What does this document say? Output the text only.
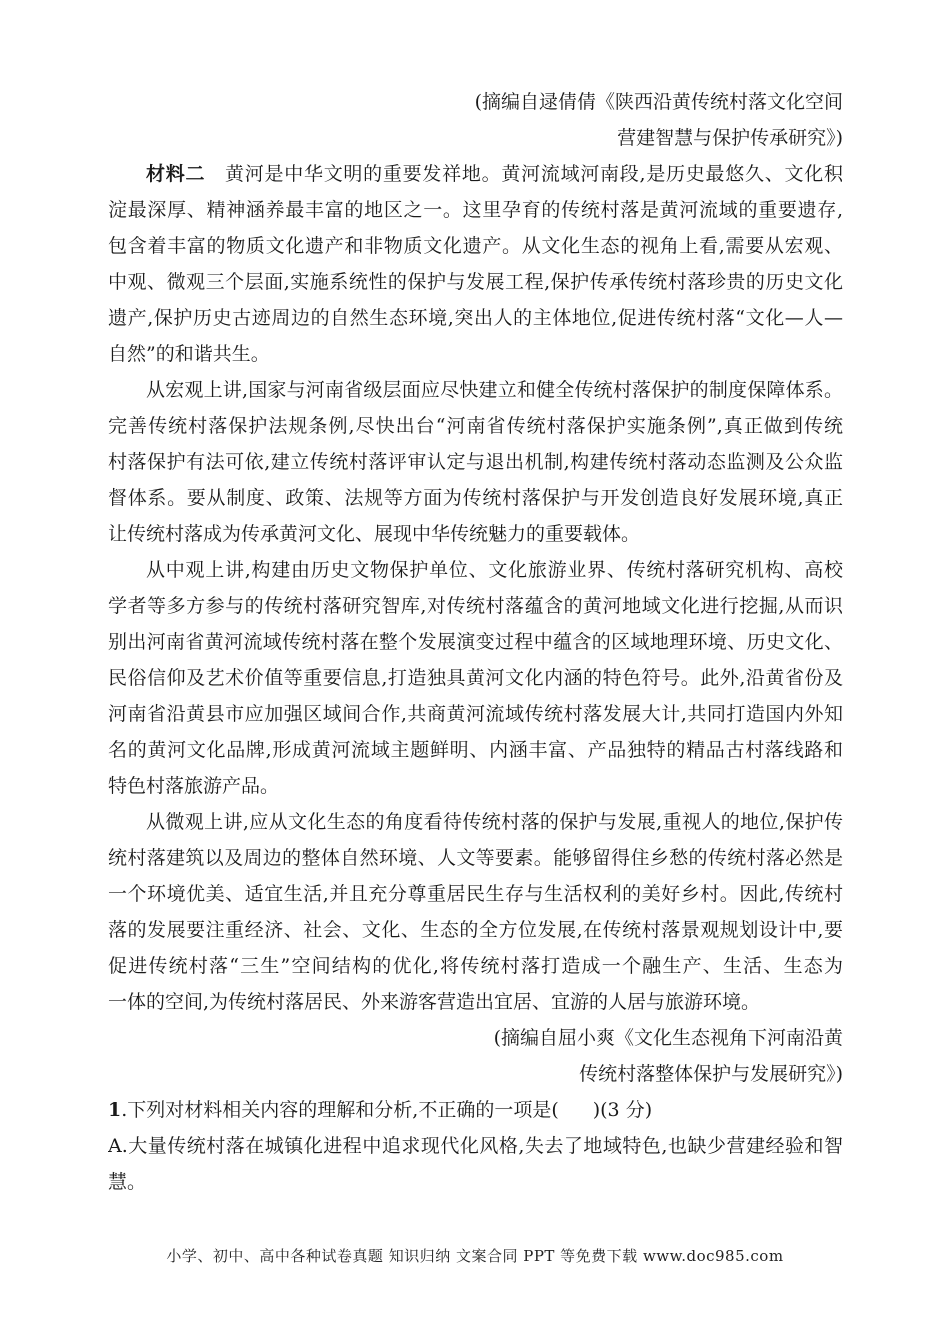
(摘编自逯倩倩《陕西沿黄传统村落文化空间
营建智慧与保护传承研究》)
材料二　 黄河是中华文明的重要发祥地。黄河流域河南段,是历史最悠久、文化积
淀最深厚、精神涵养最丰富的地区之一。这里孕育的传统村落是黄河流域的重要遗存,
包含着丰富的物质文化遗产和非物质文化遗产。从文化生态的视角上看,需要从宏观、
中观、微观三个层面,实施系统性的保护与发展工程,保护传承传统村落珍贵的历史文化
遗产,保护历史古迹周边的自然生态环境,突出人的主体地位,促进传统村落“文化—人—
自然”的和谐共生。
从宏观上讲,国家与河南省级层面应尽快建立和健全传统村落保护的制度保障体系。
完善传统村落保护法规条例,尽快出台“河南省传统村落保护实施条例”,真正做到传统
村落保护有法可依,建立传统村落评审认定与退出机制,构建传统村落动态监测及公众监
督体系。要从制度、政策、法规等方面为传统村落保护与开发创造良好发展环境,真正
让传统村落成为传承黄河文化、展现中华传统魅力的重要载体。
从中观上讲,构建由历史文物保护单位、文化旅游业界、传统村落研究机构、高校
学者等多方参与的传统村落研究智库,对传统村落蕴含的黄河地域文化进行挖掘,从而识
别出河南省黄河流域传统村落在整个发展演变过程中蕴含的区域地理环境、历史文化、
民俗信仰及艺术价值等重要信息,打造独具黄河文化内涵的特色符号。此外,沿黄省份及
河南省沿黄县市应加强区域间合作,共商黄河流域传统村落发展大计,共同打造国内外知
名的黄河文化品牌,形成黄河流域主题鲜明、内涵丰富、产品独特的精品古村落线路和
特色村落旅游产品。
从微观上讲,应从文化生态的角度看待传统村落的保护与发展,重视人的地位,保护传
统村落建筑以及周边的整体自然环境、人文等要素。能够留得住乡愁的传统村落必然是
一个环境优美、适宜生活,并且充分尊重居民生存与生活权利的美好乡村。因此,传统村
落的发展要注重经济、社会、文化、生态的全方位发展,在传统村落景观规划设计中,要
促进传统村落“三生”空间结构的优化,将传统村落打造成一个融生产、生活、生态为
一体的空间,为传统村落居民、外来游客营造出宜居、宜游的人居与旅游环境。
(摘编自屈小爽《文化生态视角下河南沿黄
传统村落整体保护与发展研究》)
1.下列对材料相关内容的理解和分析,不正确的一项是( )(3 分)
A.大量传统村落在城镇化进程中追求现代化风格,失去了地域特色,也缺少营建经验和智
慧。
小学、初中、高中各种试卷真题 知识归纳 文案合同 PPT 等免费下载 www.doc985.com
